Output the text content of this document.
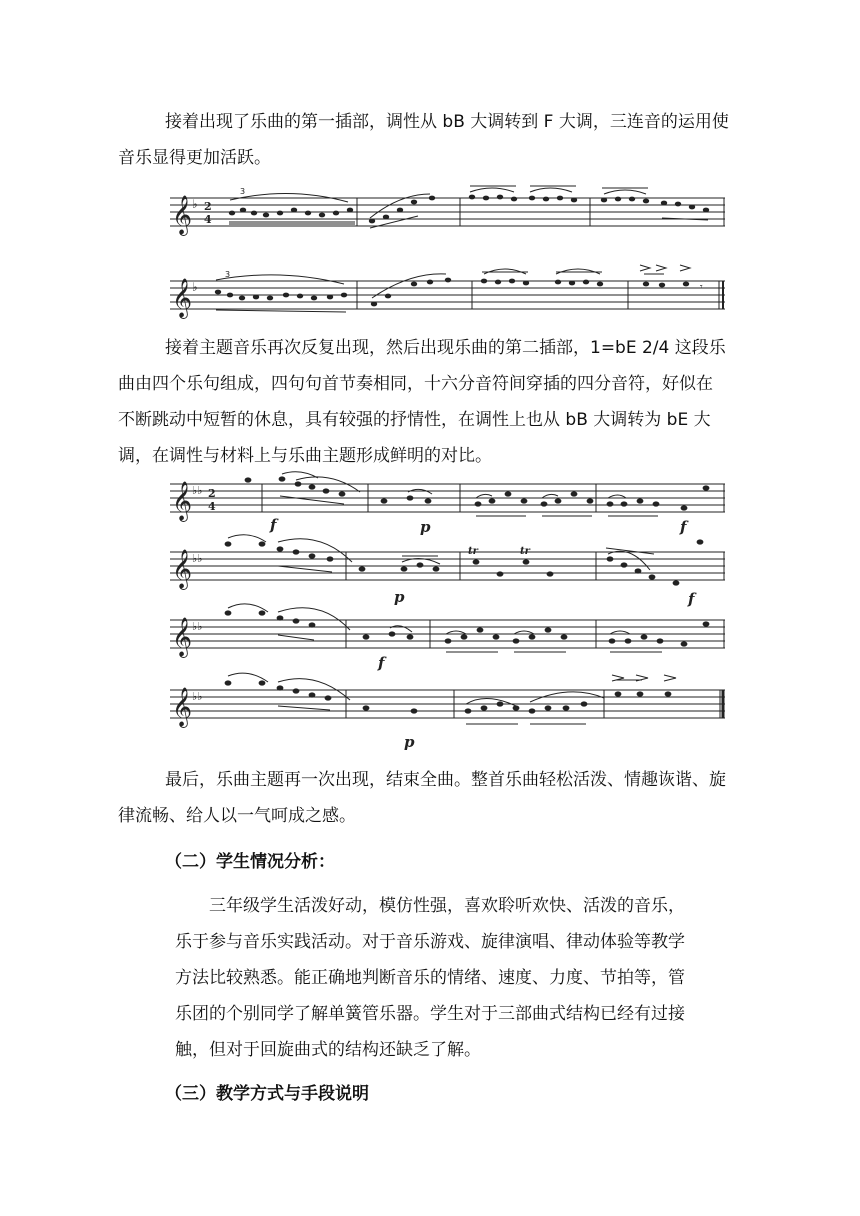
接着出现了乐曲的第一插部，调性从 bB 大调转到 F 大调，三连音的运用使
音乐显得更加活跃。

𝄞
𝄞
♭
♭
2
4
3
3
𝄾

接着主题音乐再次反复出现，然后出现乐曲的第二插部，1=bE 2/4 这段乐
曲由四个乐句组成，四句句首节奏相同，十六分音符间穿插的四分音符，好似在
不断跳动中短暂的休息，具有较强的抒情性，在调性上也从 bB 大调转为 bE 大
调，在调性与材料上与乐曲主题形成鲜明的对比。

𝄞
𝄞
𝄞
𝄞
♭♭
♭♭
♭♭
♭♭
2
4
f	p	f
p	f
f
p
tr	tr

最后，乐曲主题再一次出现，结束全曲。整首乐曲轻松活泼、情趣诙谐、旋
律流畅、给人以一气呵成之感。

（二）学生情况分析：

三年级学生活泼好动，模仿性强，喜欢聆听欢快、活泼的音乐，
乐于参与音乐实践活动。对于音乐游戏、旋律演唱、律动体验等教学
方法比较熟悉。能正确地判断音乐的情绪、速度、力度、节拍等，管
乐团的个别同学了解单簧管乐器。学生对于三部曲式结构已经有过接
触，但对于回旋曲式的结构还缺乏了解。

（三）教学方式与手段说明
